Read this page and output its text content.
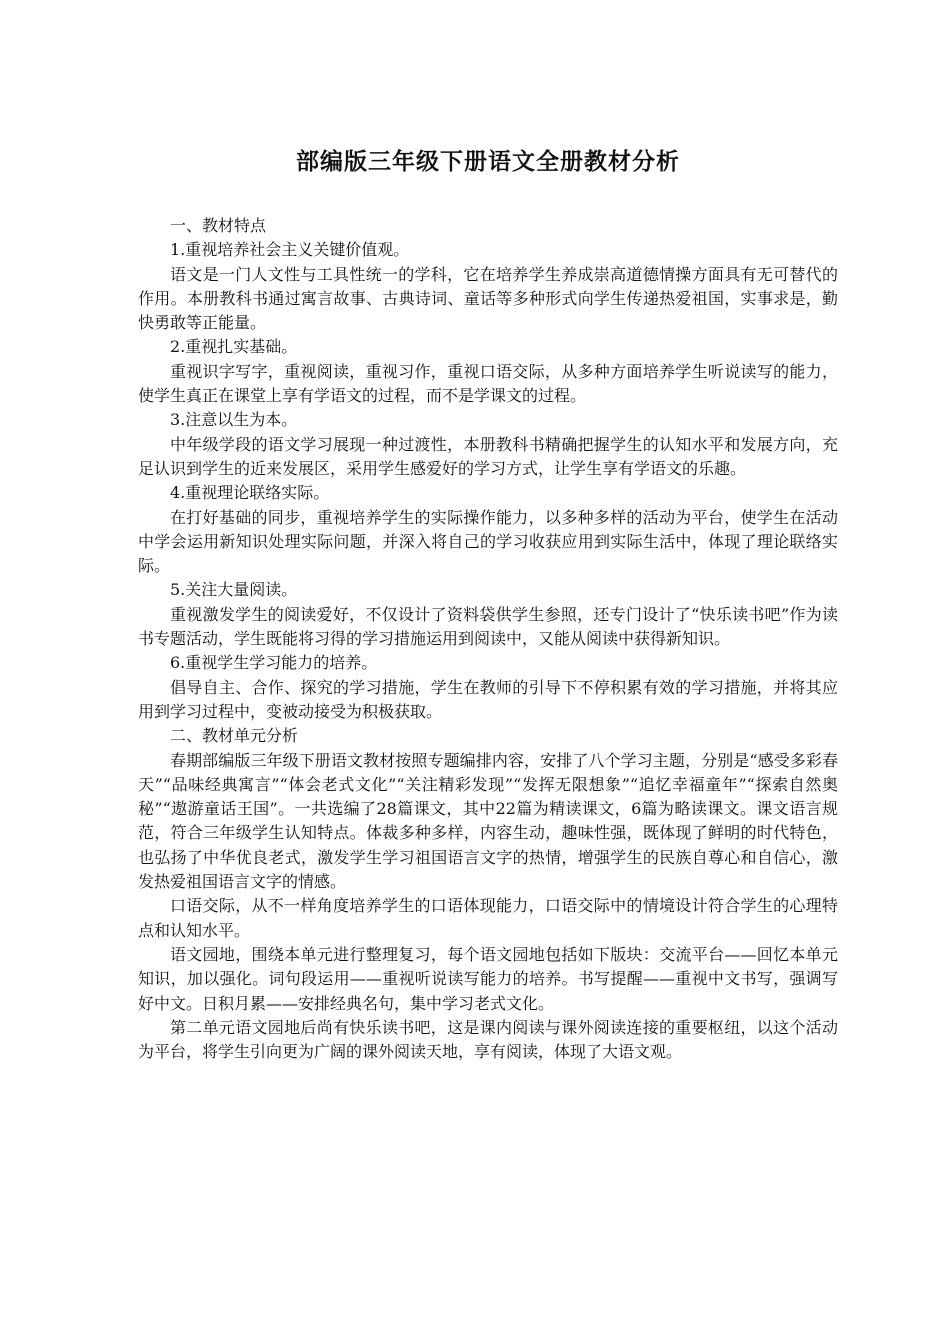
部编版三年级下册语文全册教材分析

一、教材特点

1.重视培养社会主义关键价值观。

语文是一门人文性与工具性统一的学科，它在培养学生养成崇高道德情操方面具有无可替代的作用。本册教科书通过寓言故事、古典诗词、童话等多种形式向学生传递热爱祖国，实事求是，勤快勇敢等正能量。

2.重视扎实基础。

重视识字写字，重视阅读，重视习作，重视口语交际，从多种方面培养学生听说读写的能力，使学生真正在课堂上享有学语文的过程，而不是学课文的过程。

3.注意以生为本。

中年级学段的语文学习展现一种过渡性，本册教科书精确把握学生的认知水平和发展方向，充足认识到学生的近来发展区，采用学生感爱好的学习方式，让学生享有学语文的乐趣。

4.重视理论联络实际。

在打好基础的同步，重视培养学生的实际操作能力，以多种多样的活动为平台，使学生在活动中学会运用新知识处理实际问题，并深入将自己的学习收获应用到实际生活中，体现了理论联络实际。

5.关注大量阅读。

重视激发学生的阅读爱好，不仅设计了资料袋供学生参照，还专门设计了“快乐读书吧”作为读书专题活动，学生既能将习得的学习措施运用到阅读中，又能从阅读中获得新知识。

6.重视学生学习能力的培养。

倡导自主、合作、探究的学习措施，学生在教师的引导下不停积累有效的学习措施，并将其应用到学习过程中，变被动接受为积极获取。

二、教材单元分析

春期部编版三年级下册语文教材按照专题编排内容，安排了八个学习主题，分别是“感受多彩春天”“品味经典寓言”“体会老式文化”“关注精彩发现”“发挥无限想象”“追忆幸福童年”“探索自然奥秘”“遨游童话王国”。一共选编了28篇课文，其中22篇为精读课文，6篇为略读课文。课文语言规范，符合三年级学生认知特点。体裁多种多样，内容生动，趣味性强，既体现了鲜明的时代特色，也弘扬了中华优良老式，激发学生学习祖国语言文字的热情，增强学生的民族自尊心和自信心，激发热爱祖国语言文字的情感。

口语交际，从不一样角度培养学生的口语体现能力，口语交际中的情境设计符合学生的心理特点和认知水平。

语文园地，围绕本单元进行整理复习，每个语文园地包括如下版块：交流平台——回忆本单元知识，加以强化。词句段运用——重视听说读写能力的培养。书写提醒——重视中文书写，强调写好中文。日积月累——安排经典名句，集中学习老式文化。

第二单元语文园地后尚有快乐读书吧，这是课内阅读与课外阅读连接的重要枢纽，以这个活动为平台，将学生引向更为广阔的课外阅读天地，享有阅读，体现了大语文观。
